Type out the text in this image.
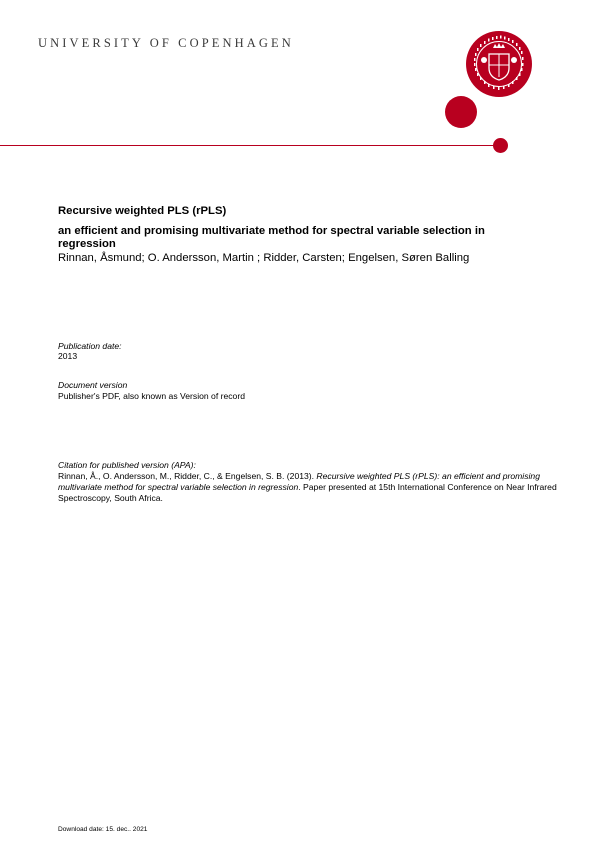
UNIVERSITY OF COPENHAGEN
Recursive weighted PLS (rPLS)
an efficient and promising multivariate method for spectral variable selection in regression
Rinnan, Åsmund; O. Andersson, Martin ; Ridder, Carsten; Engelsen, Søren Balling
Publication date:
2013
Document version
Publisher's PDF, also known as Version of record
Citation for published version (APA):
Rinnan, Å., O. Andersson, M., Ridder, C., & Engelsen, S. B. (2013). Recursive weighted PLS (rPLS): an efficient and promising multivariate method for spectral variable selection in regression. Paper presented at 15th International Conference on Near Infrared Spectroscopy, South Africa.
Download date: 15. dec.. 2021
